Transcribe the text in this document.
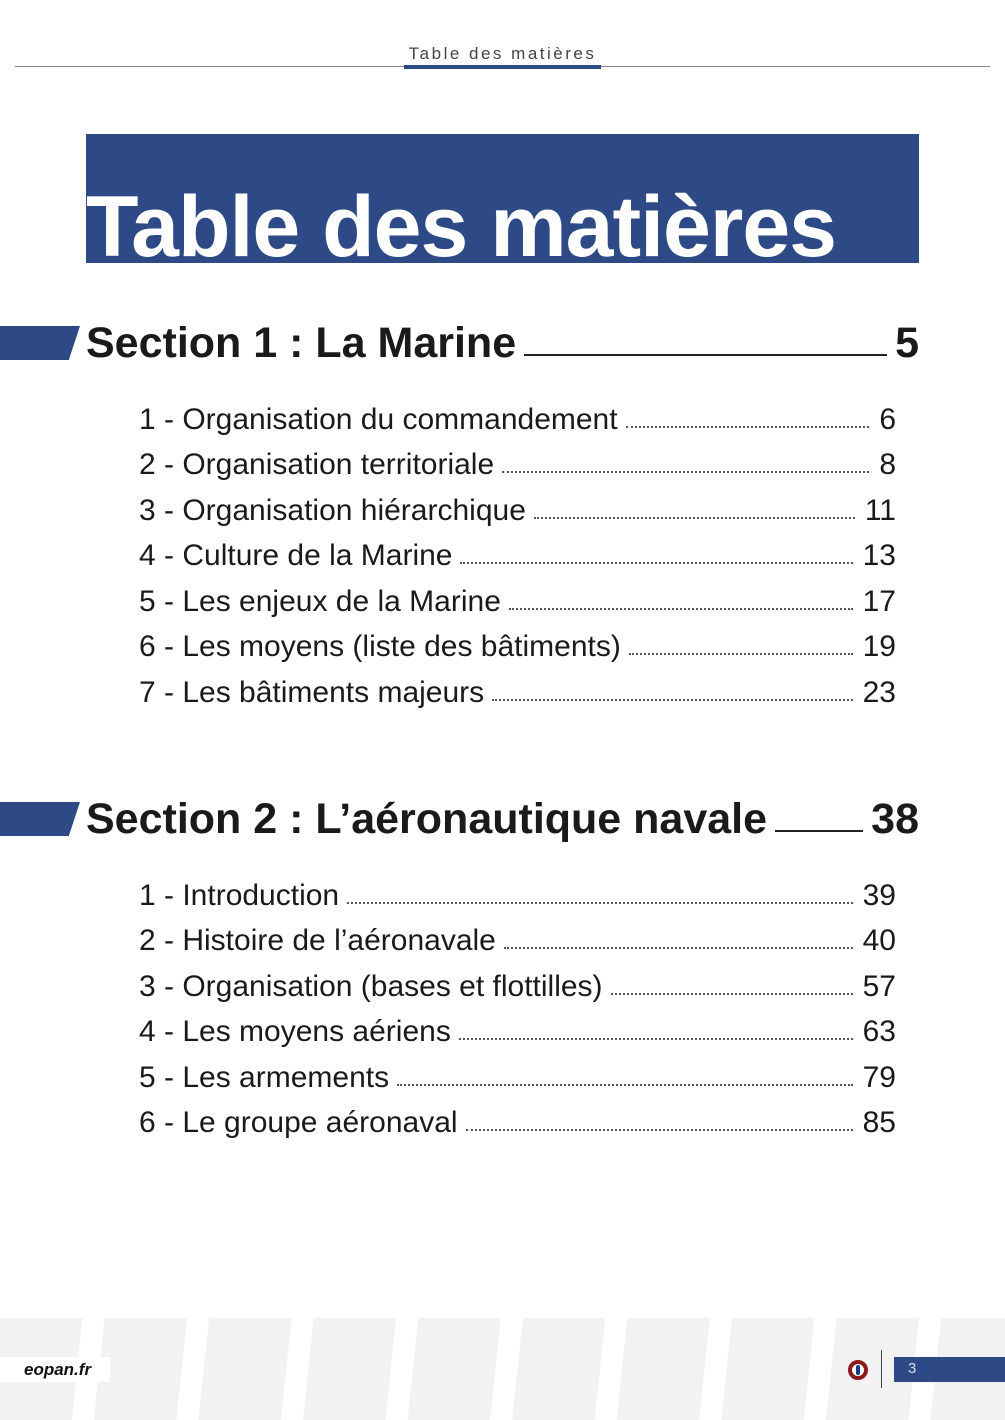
Table des matières
Table des matières
Section 1 : La Marine	5
1 - Organisation du commandement	6
2 - Organisation territoriale	8
3 - Organisation hiérarchique	11
4 - Culture de la Marine	13
5 - Les enjeux de la Marine	17
6 - Les moyens (liste des bâtiments)	19
7 - Les bâtiments majeurs	23
Section 2 : L’aéronautique navale 38
1 - Introduction	39
2 - Histoire de l’aéronavale	40
3 - Organisation (bases et flottilles)	57
4 - Les moyens aériens	63
5 - Les armements	79
6 - Le groupe aéronaval	85
eopan.fr	3
